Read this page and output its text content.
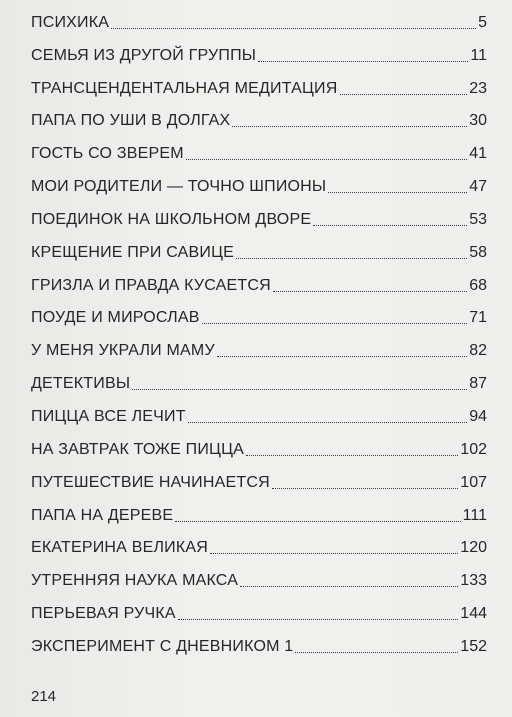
ПСИХИКА	5
СЕМЬЯ ИЗ ДРУГОЙ ГРУППЫ	11
ТРАНСЦЕНДЕНТАЛЬНАЯ МЕДИТАЦИЯ	23
ПАПА ПО УШИ В ДОЛГАХ	30
ГОСТЬ СО ЗВЕРЕМ	41
МОИ РОДИТЕЛИ — ТОЧНО ШПИОНЫ	47
ПОЕДИНОК НА ШКОЛЬНОМ ДВОРЕ	53
КРЕЩЕНИЕ ПРИ САВИЦЕ	58
ГРИЗЛА И ПРАВДА КУСАЕТСЯ	68
ПОУДЕ И МИРОСЛАВ	71
У МЕНЯ УКРАЛИ МАМУ	82
ДЕТЕКТИВЫ	87
ПИЦЦА ВСЕ ЛЕЧИТ	94
НА ЗАВТРАК ТОЖЕ ПИЦЦА	102
ПУТЕШЕСТВИЕ НАЧИНАЕТСЯ	107
ПАПА НА ДЕРЕВЕ	111
ЕКАТЕРИНА ВЕЛИКАЯ	120
УТРЕННЯЯ НАУКА МАКСА	133
ПЕРЬЕВАЯ РУЧКА	144
ЭКСПЕРИМЕНТ С ДНЕВНИКОМ 1	152
214
